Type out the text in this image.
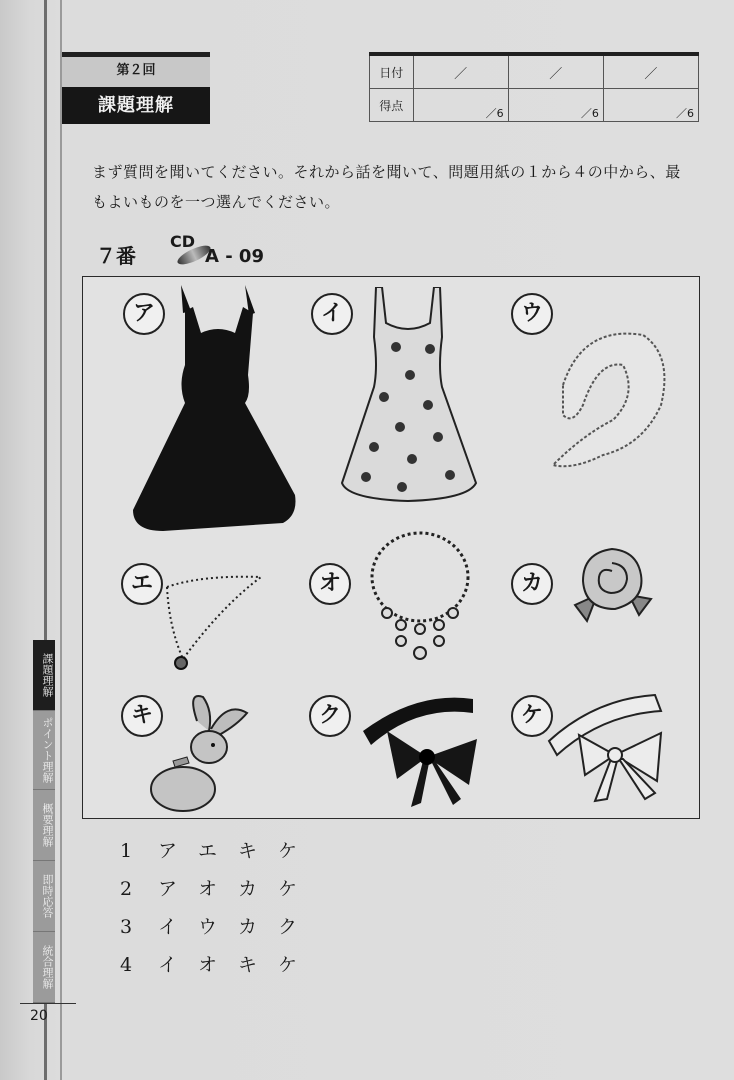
第２回
課題理解
日付	／	／	／
得点	／6	／6	／6
まず質問を聞いてください。それから話を聞いて、問題用紙の１から４の中から、最
もよいものを一つ選んでください。
７番
CD
A - 09
ア	イ	ウ
エ	オ	カ
キ	ク	ケ
1 ア エ キ ケ
2 ア オ カ ケ
3 イ ウ カ ク
4 イ オ キ ケ
課題理解
ポイント理解
概要理解
即時応答
統合理解
20
